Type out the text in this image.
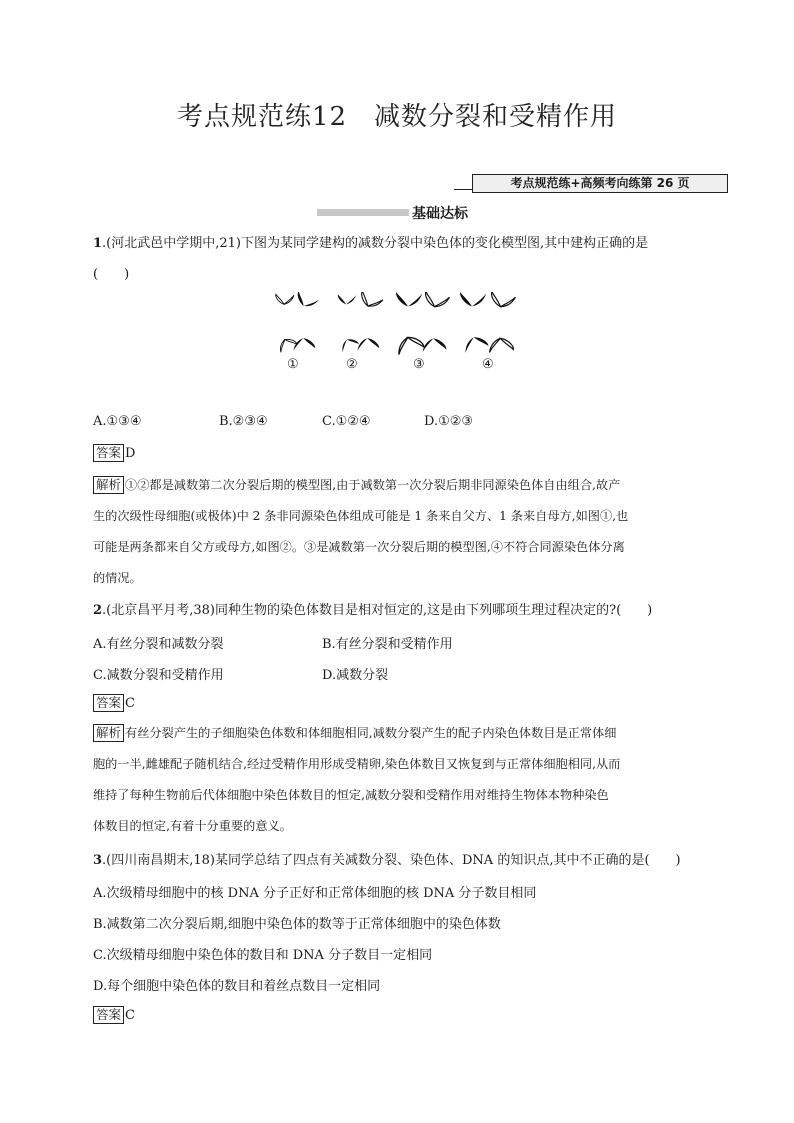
考点规范练12　减数分裂和受精作用
考点规范练+高频考向练第 26 页
基础达标
1.(河北武邑中学期中,21)下图为某同学建构的减数分裂中染色体的变化模型图,其中建构正确的是
(　　)
①	②	③	④
A.①③④	B.②③④	C.①②④	D.①②③
答案 D
解析 ①②都是减数第二次分裂后期的模型图,由于减数第一次分裂后期非同源染色体自由组合,故产
生的次级性母细胞(或极体)中 2 条非同源染色体组成可能是 1 条来自父方、1 条来自母方,如图①,也
可能是两条都来自父方或母方,如图②。③是减数第一次分裂后期的模型图,④不符合同源染色体分离
的情况。
2.(北京昌平月考,38)同种生物的染色体数目是相对恒定的,这是由下列哪项生理过程决定的?(　　)
A.有丝分裂和减数分裂	B.有丝分裂和受精作用
C.减数分裂和受精作用	D.减数分裂
答案 C
解析 有丝分裂产生的子细胞染色体数和体细胞相同,减数分裂产生的配子内染色体数目是正常体细
胞的一半,雌雄配子随机结合,经过受精作用形成受精卵,染色体数目又恢复到与正常体细胞相同,从而
维持了每种生物前后代体细胞中染色体数目的恒定,减数分裂和受精作用对维持生物体本物种染色
体数目的恒定,有着十分重要的意义。
3.(四川南昌期末,18)某同学总结了四点有关减数分裂、染色体、DNA 的知识点,其中不正确的是(　　)
A.次级精母细胞中的核 DNA 分子正好和正常体细胞的核 DNA 分子数目相同
B.减数第二次分裂后期,细胞中染色体的数等于正常体细胞中的染色体数
C.次级精母细胞中染色体的数目和 DNA 分子数目一定相同
D.每个细胞中染色体的数目和着丝点数目一定相同
答案 C
